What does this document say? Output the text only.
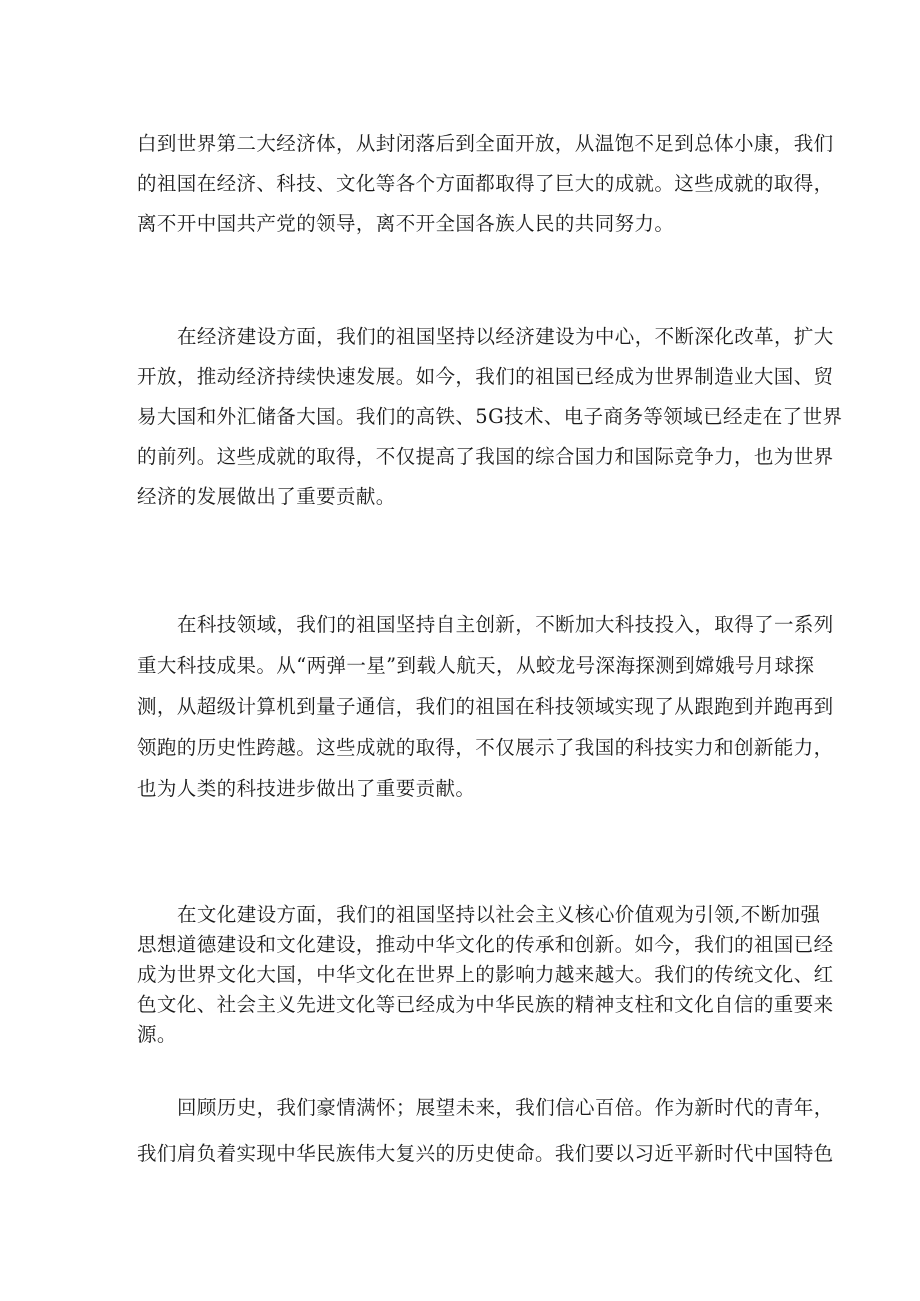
白到世界第二大经济体，从封闭落后到全面开放，从温饱不足到总体小康，我们
的祖国在经济、科技、文化等各个方面都取得了巨大的成就。这些成就的取得，
离不开中国共产党的领导，离不开全国各族人民的共同努力。

在经济建设方面，我们的祖国坚持以经济建设为中心，不断深化改革，扩大
开放，推动经济持续快速发展。如今，我们的祖国已经成为世界制造业大国、贸
易大国和外汇储备大国。我们的高铁、5G技术、电子商务等领域已经走在了世界
的前列。这些成就的取得，不仅提高了我国的综合国力和国际竞争力，也为世界
经济的发展做出了重要贡献。

在科技领域，我们的祖国坚持自主创新，不断加大科技投入，取得了一系列
重大科技成果。从“两弹一星”到载人航天，从蛟龙号深海探测到嫦娥号月球探
测，从超级计算机到量子通信，我们的祖国在科技领域实现了从跟跑到并跑再到
领跑的历史性跨越。这些成就的取得，不仅展示了我国的科技实力和创新能力，
也为人类的科技进步做出了重要贡献。

在文化建设方面，我们的祖国坚持以社会主义核心价值观为引领,不断加强
思想道德建设和文化建设，推动中华文化的传承和创新。如今，我们的祖国已经
成为世界文化大国，中华文化在世界上的影响力越来越大。我们的传统文化、红
色文化、社会主义先进文化等已经成为中华民族的精神支柱和文化自信的重要来
源。

回顾历史，我们豪情满怀；展望未来，我们信心百倍。作为新时代的青年，
我们肩负着实现中华民族伟大复兴的历史使命。我们要以习近平新时代中国特色
